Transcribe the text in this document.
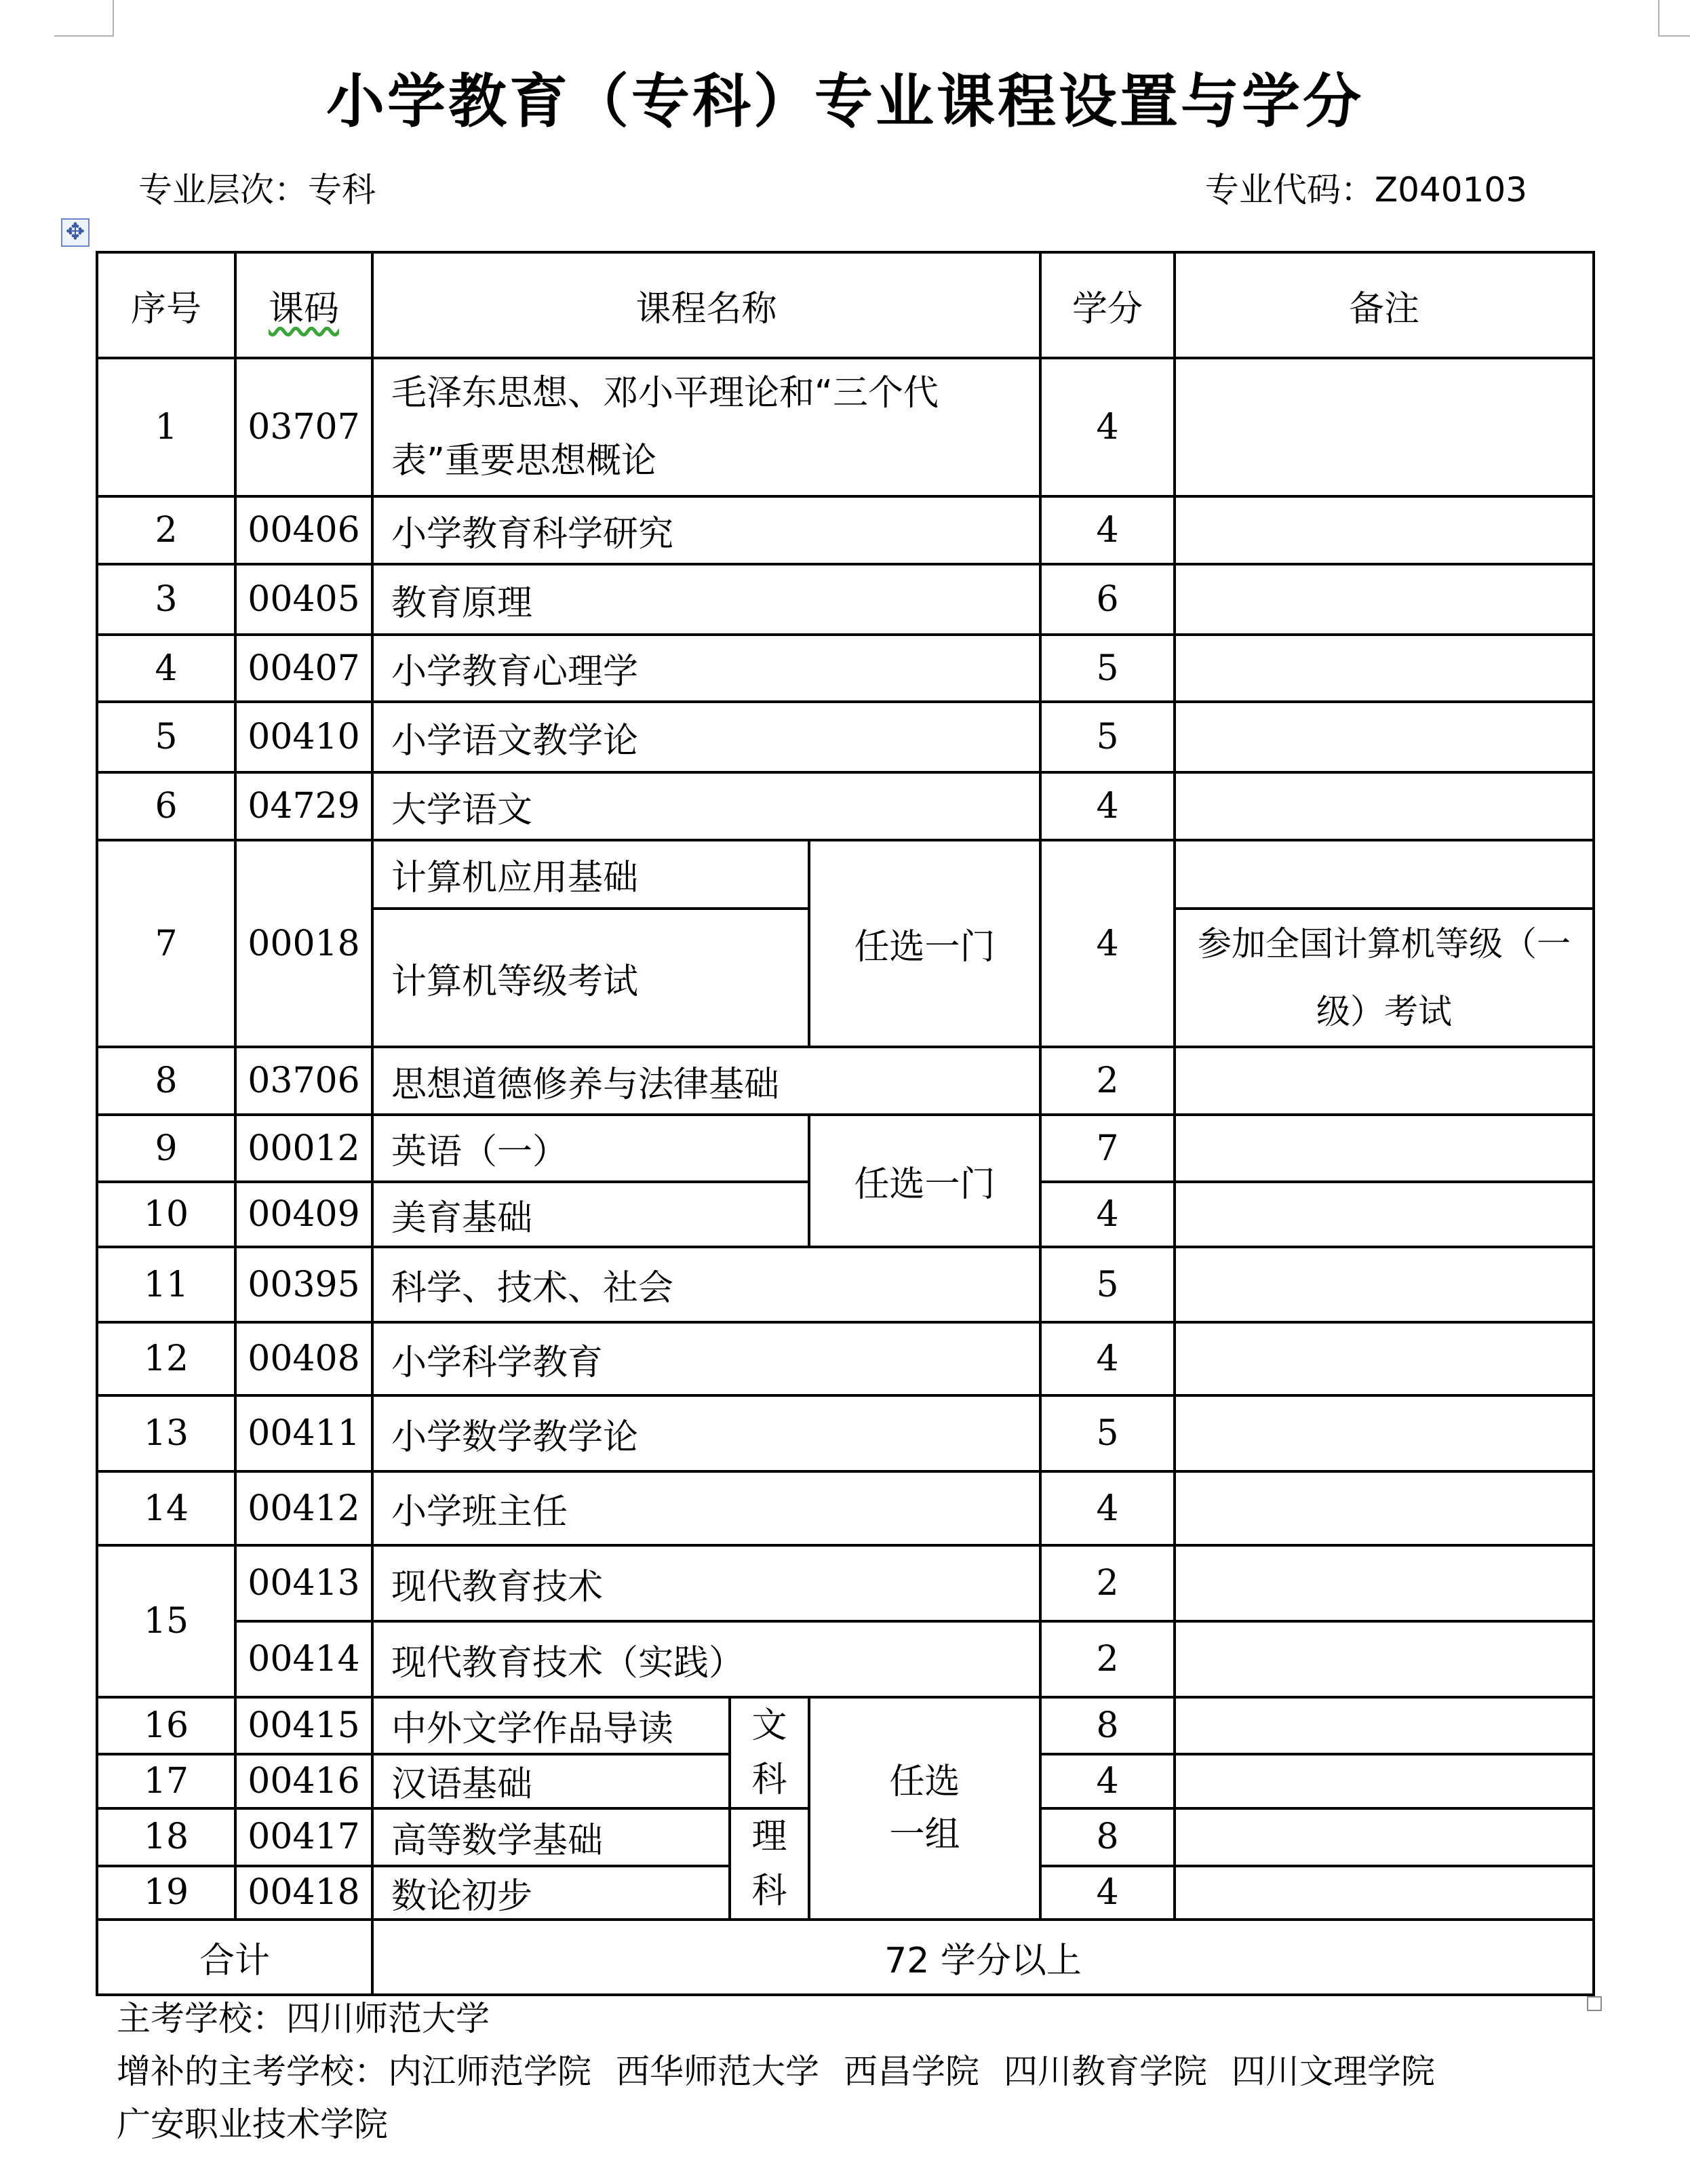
小学教育（专科）专业课程设置与学分
专业层次：专科	专业代码：Z040103
✥
序号	课码	课程名称			学分	备注
1	03707	毛泽东思想、邓小平理论和“三个代表”重要思想概论			4	
2	00406	小学教育科学研究			4	
3	00405	教育原理			6	
4	00407	小学教育心理学			5	
5	00410	小学语文教学论			5	
6	04729	大学语文			4	
7	00018	计算机应用基础		任选一门	4	
		计算机等级考试				参加全国计算机等级（一级）考试
8	03706	思想道德修养与法律基础			2	
9	00012	英语（一）		任选一门	7	
10	00409	美育基础			4	
11	00395	科学、技术、社会			5	
12	00408	小学科学教育			4	
13	00411	小学数学教学论			5	
14	00412	小学班主任			4	
15	00413	现代教育技术			2	
	00414	现代教育技术（实践）			2	
16	00415	中外文学作品导读	文科	任选一组	8	
17	00416	汉语基础			4	
18	00417	高等数学基础	理科		8	
19	00418	数论初步			4	
合计		72 学分以上				
主考学校：四川师范大学
增补的主考学校：内江师范学院 西华师范大学 西昌学院 四川教育学院 四川文理学院
广安职业技术学院
